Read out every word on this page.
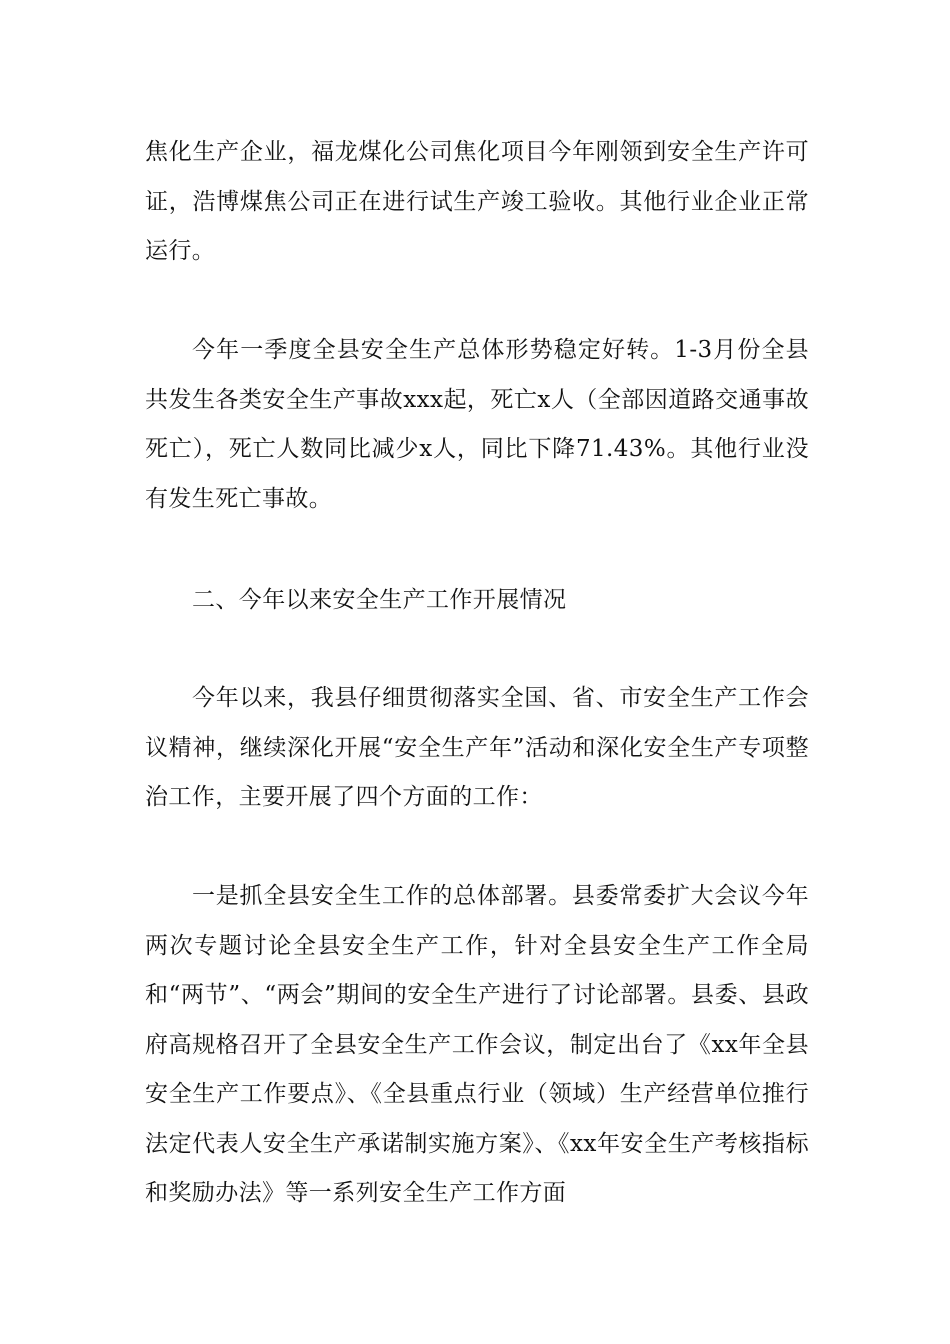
焦化生产企业，福龙煤化公司焦化项目今年刚领到安全生产许可证，浩博煤焦公司正在进行试生产竣工验收。其他行业企业正常运行。

今年一季度全县安全生产总体形势稳定好转。1-3月份全县共发生各类安全生产事故xxx起，死亡x人（全部因道路交通事故死亡），死亡人数同比减少x人，同比下降71.43%。其他行业没有发生死亡事故。

二、今年以来安全生产工作开展情况

今年以来，我县仔细贯彻落实全国、省、市安全生产工作会议精神，继续深化开展“安全生产年”活动和深化安全生产专项整治工作，主要开展了四个方面的工作：

一是抓全县安全生工作的总体部署。县委常委扩大会议今年两次专题讨论全县安全生产工作，针对全县安全生产工作全局和“两节”、“两会”期间的安全生产进行了讨论部署。县委、县政府高规格召开了全县安全生产工作会议，制定出台了《xx年全县安全生产工作要点》、《全县重点行业（领域）生产经营单位推行法定代表人安全生产承诺制实施方案》、《xx年安全生产考核指标和奖励办法》等一系列安全生产工作方面
